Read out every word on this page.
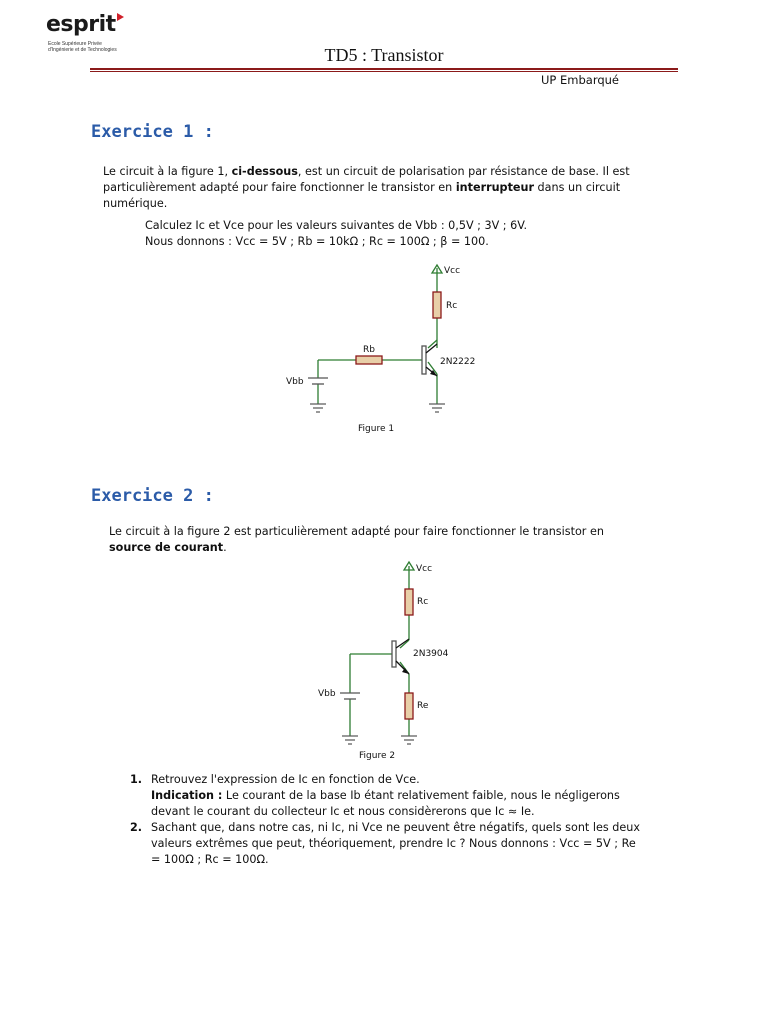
esprit
Ecole Supérieure Privée
d'Ingénierie et de Technologies	TD5 : Transistor
UP Embarqué
Exercice 1 :
Le circuit à la figure 1, ci-dessous, est un circuit de polarisation par résistance de base. Il est particulièrement adapté pour faire fonctionner le transistor en interrupteur dans un circuit numérique.
Calculez Ic et Vce pour les valeurs suivantes de Vbb : 0,5V ; 3V ; 6V.
Nous donnons : Vcc = 5V ; Rb = 10kΩ ; Rc = 100Ω ; β = 100.
Vcc
Rc
Rb
Vbb
2N2222
Figure 1
Exercice 2 :
Le circuit à la figure 2 est particulièrement adapté pour faire fonctionner le transistor en source de courant.
Vcc
Rc
Re
Vbb
2N3904
Figure 2
1. Retrouvez l'expression de Ic en fonction de Vce.
Indication : Le courant de la base Ib étant relativement faible, nous le négligerons devant le courant du collecteur Ic et nous considèrerons que Ic ≈ Ie.
2. Sachant que, dans notre cas, ni Ic, ni Vce ne peuvent être négatifs, quels sont les deux valeurs extrêmes que peut, théoriquement, prendre Ic ? Nous donnons : Vcc = 5V ; Re = 100Ω ; Rc = 100Ω.
